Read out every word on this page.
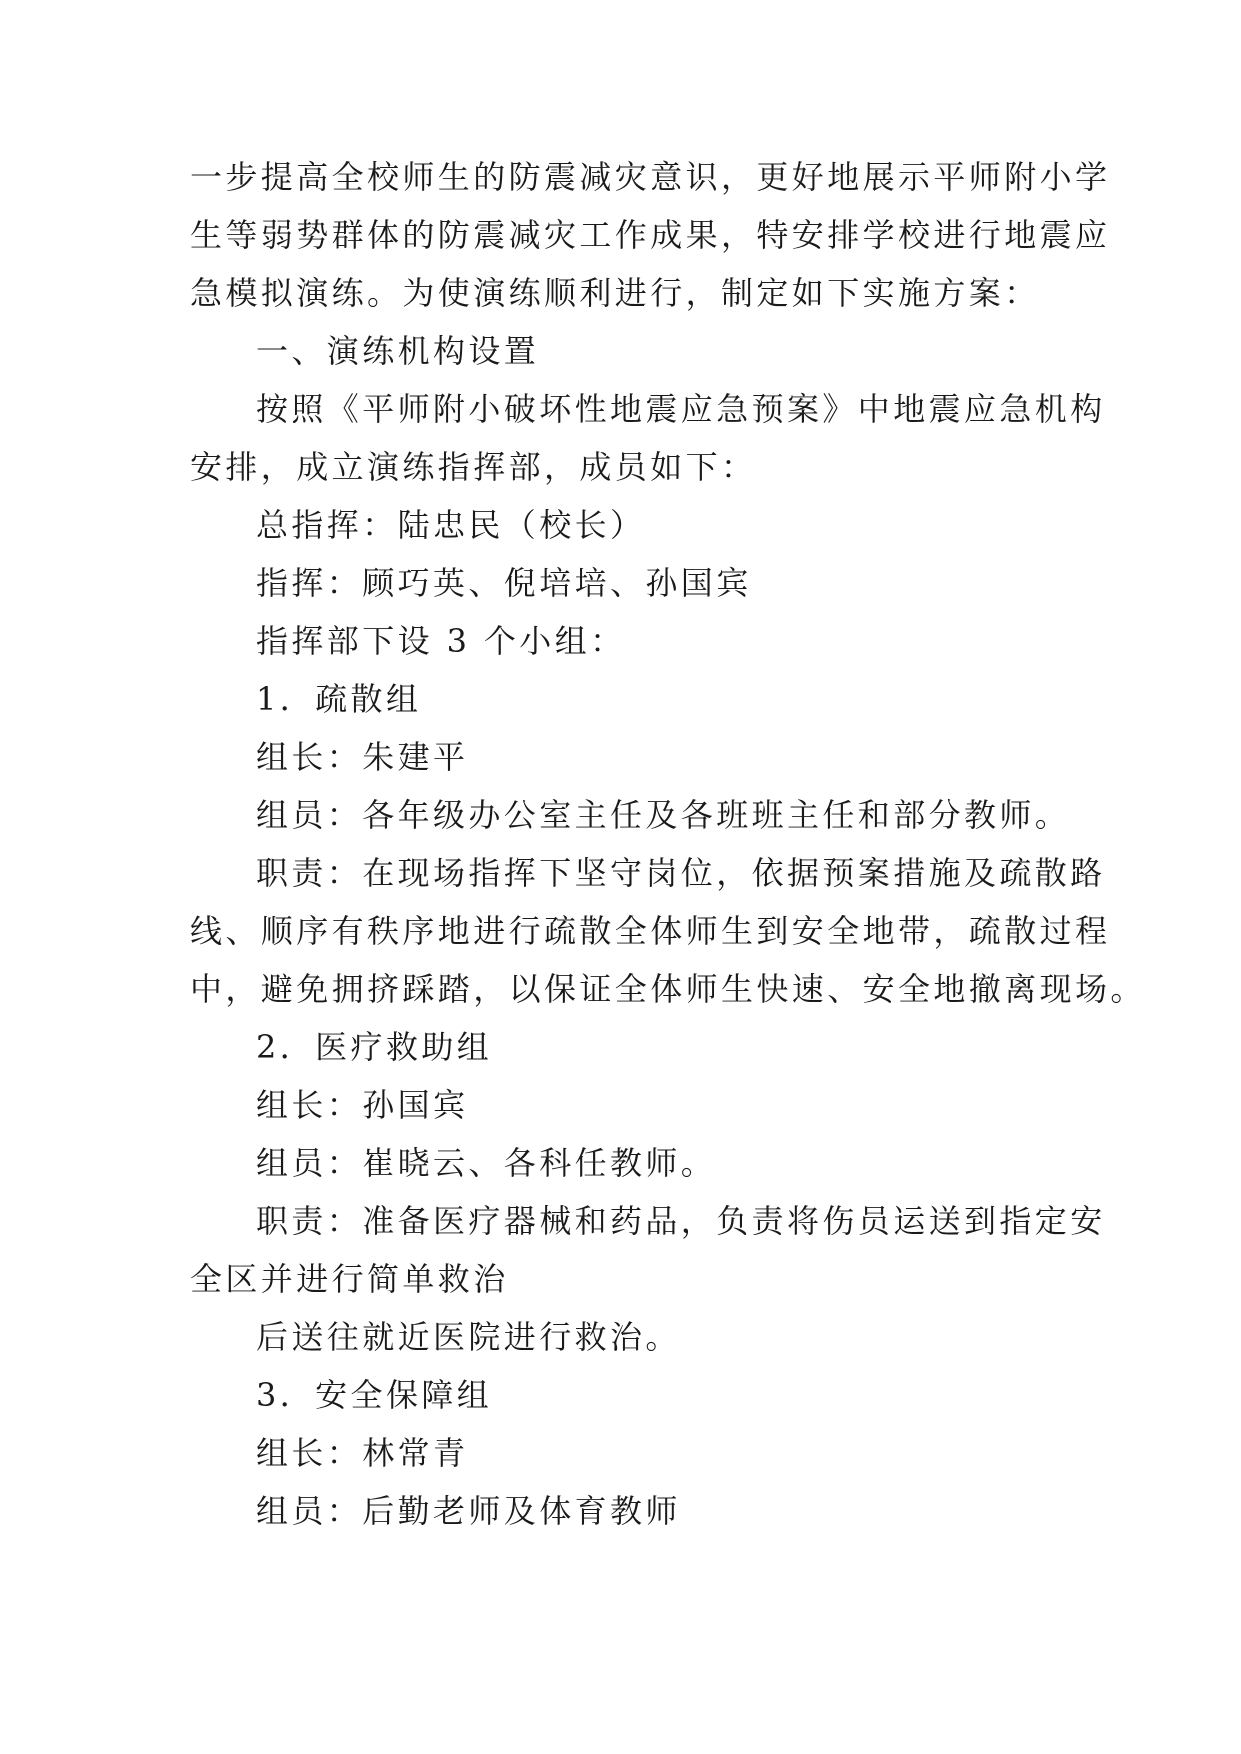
一步提高全校师生的防震减灾意识，更好地展示平师附小学

生等弱势群体的防震减灾工作成果，特安排学校进行地震应

急模拟演练。为使演练顺利进行，制定如下实施方案：

一、演练机构设置

按照《平师附小破坏性地震应急预案》中地震应急机构

安排，成立演练指挥部，成员如下：

总指挥：陆忠民（校长）

指挥：顾巧英、倪培培、孙国宾

指挥部下设 3 个小组：

1．疏散组

组长：朱建平

组员：各年级办公室主任及各班班主任和部分教师。

职责：在现场指挥下坚守岗位，依据预案措施及疏散路

线、顺序有秩序地进行疏散全体师生到安全地带，疏散过程

中，避免拥挤踩踏，以保证全体师生快速、安全地撤离现场。

2．医疗救助组

组长：孙国宾

组员：崔晓云、各科任教师。

职责：准备医疗器械和药品，负责将伤员运送到指定安

全区并进行简单救治

后送往就近医院进行救治。

3．安全保障组

组长：林常青

组员：后勤老师及体育教师
